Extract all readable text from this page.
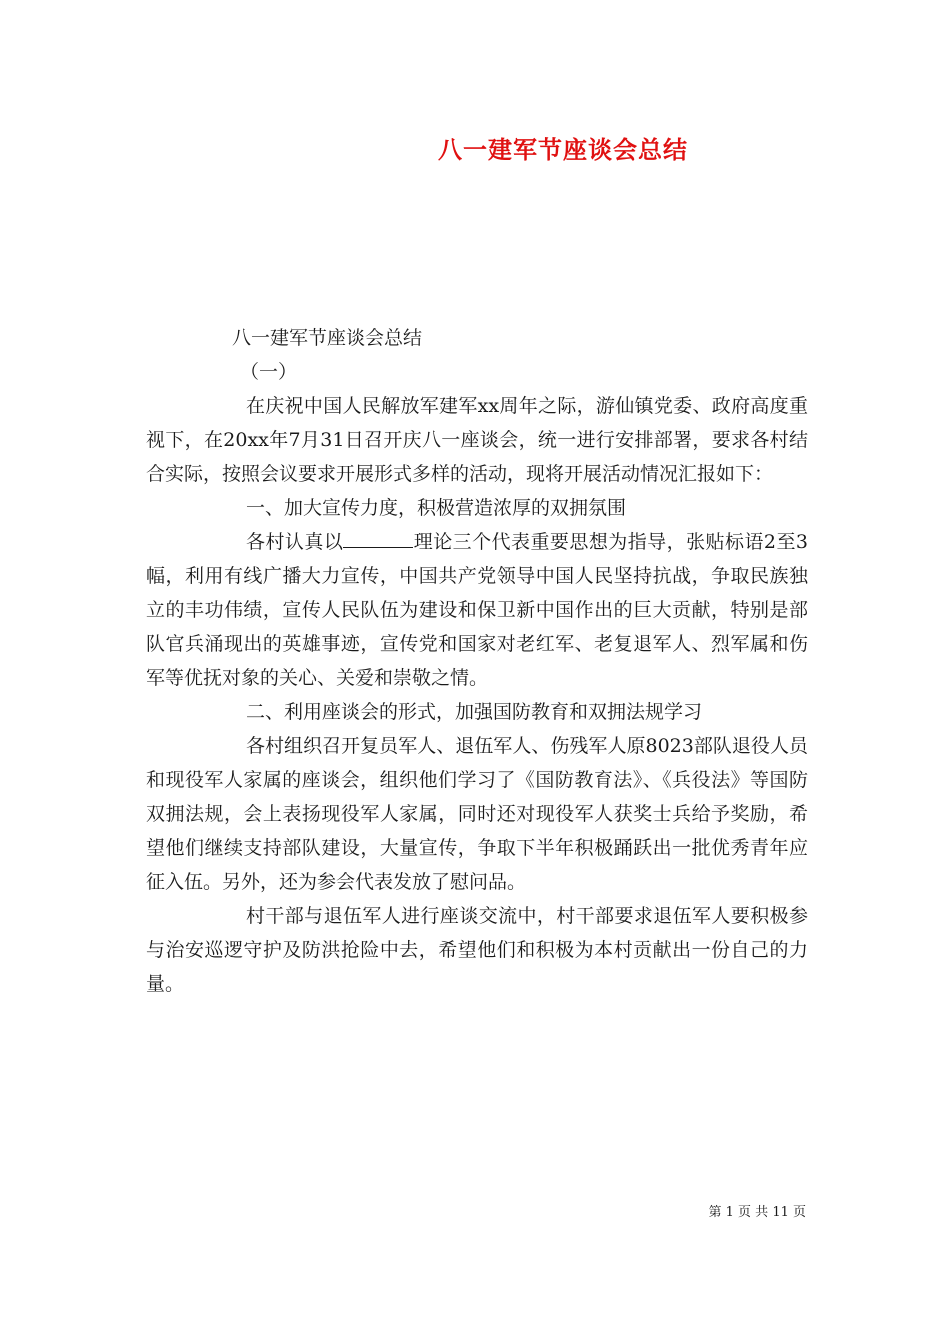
八一建军节座谈会总结

八一建军节座谈会总结

（一）

在庆祝中国人民解放军建军xx周年之际，游仙镇党委、政府高度重视下，在20xx年7月31日召开庆八一座谈会，统一进行安排部署，要求各村结合实际，按照会议要求开展形式多样的活动，现将开展活动情况汇报如下：

一、加大宣传力度，积极营造浓厚的双拥氛围

各村认真以	理论三个代表重要思想为指导，张贴标语2至3幅，利用有线广播大力宣传，中国共产党领导中国人民坚持抗战，争取民族独立的丰功伟绩，宣传人民队伍为建设和保卫新中国作出的巨大贡献，特别是部队官兵涌现出的英雄事迹，宣传党和国家对老红军、老复退军人、烈军属和伤军等优抚对象的关心、关爱和崇敬之情。

二、利用座谈会的形式，加强国防教育和双拥法规学习

各村组织召开复员军人、退伍军人、伤残军人原8023部队退役人员和现役军人家属的座谈会，组织他们学习了《国防教育法》、《兵役法》等国防双拥法规，会上表扬现役军人家属，同时还对现役军人获奖士兵给予奖励，希望他们继续支持部队建设，大量宣传，争取下半年积极踊跃出一批优秀青年应征入伍。另外，还为参会代表发放了慰问品。

村干部与退伍军人进行座谈交流中，村干部要求退伍军人要积极参与治安巡逻守护及防洪抢险中去，希望他们和积极为本村贡献出一份自己的力量。

第 1 页 共 11 页
